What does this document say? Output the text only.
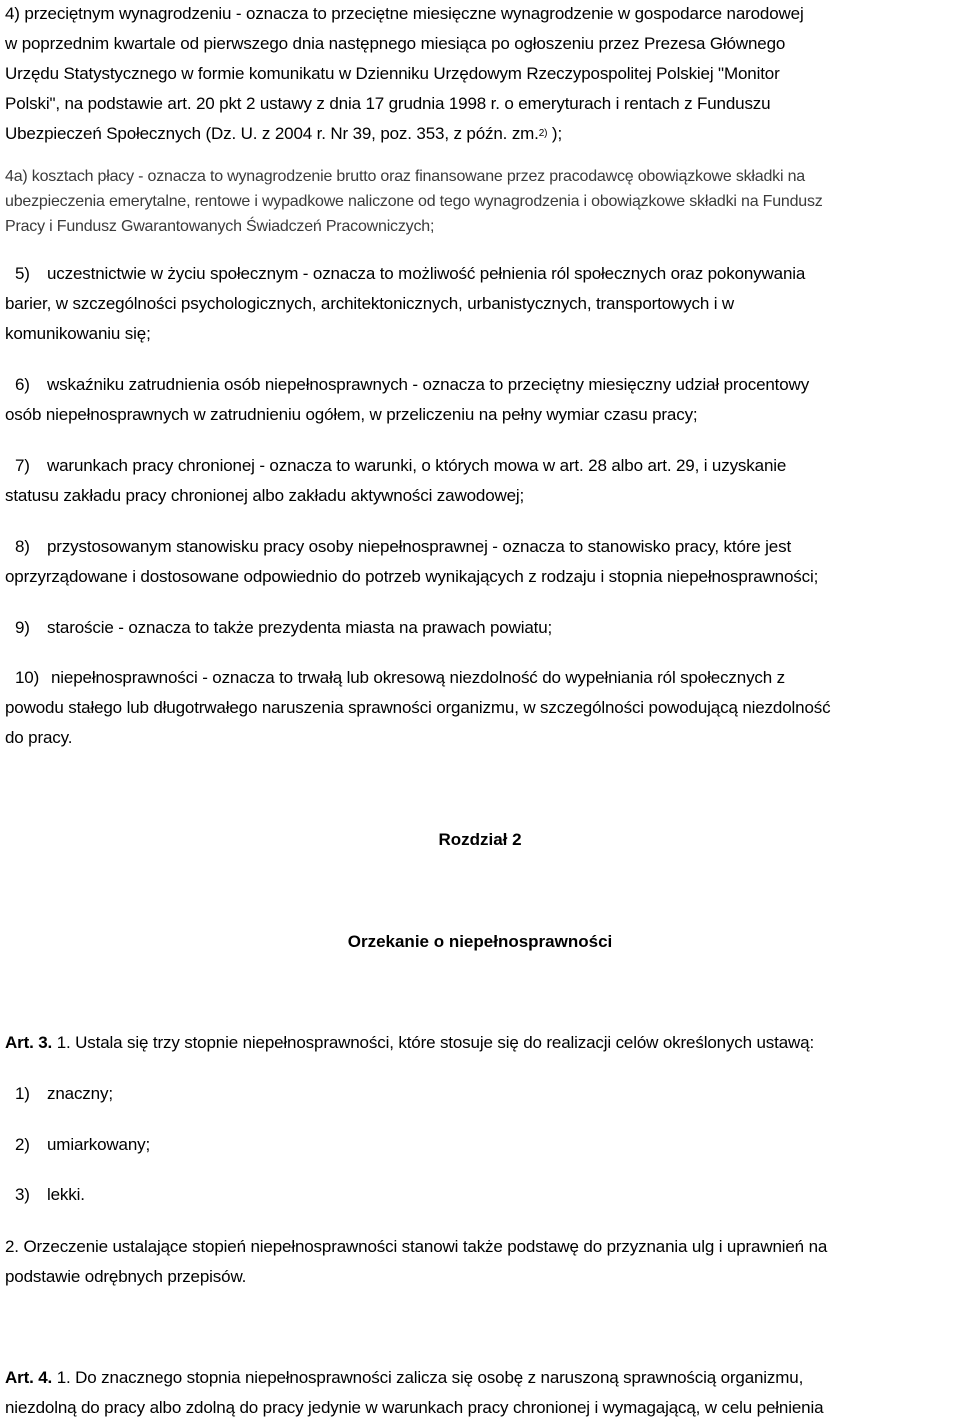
4) przeciętnym wynagrodzeniu - oznacza to przeciętne miesięczne wynagrodzenie w gospodarce narodowej
w poprzednim kwartale od pierwszego dnia następnego miesiąca po ogłoszeniu przez Prezesa Głównego
Urzędu Statystycznego w formie komunikatu w Dzienniku Urzędowym Rzeczypospolitej Polskiej "Monitor
Polski", na podstawie art. 20 pkt 2 ustawy z dnia 17 grudnia 1998 r. o emeryturach i rentach z Funduszu
Ubezpieczeń Społecznych (Dz. U. z 2004 r. Nr 39, poz. 353, z późn. zm.$^{2)}$ );
4a) kosztach płacy - oznacza to wynagrodzenie brutto oraz finansowane przez pracodawcę obowiązkowe składki na
ubezpieczenia emerytalne, rentowe i wypadkowe naliczone od tego wynagrodzenia i obowiązkowe składki na Fundusz
Pracy i Fundusz Gwarantowanych Świadczeń Pracowniczych;
5) uczestnictwie w życiu społecznym - oznacza to możliwość pełnienia ról społecznych oraz pokonywania
barier, w szczególności psychologicznych, architektonicznych, urbanistycznych, transportowych i w
komunikowaniu się;
6) wskaźniku zatrudnienia osób niepełnosprawnych - oznacza to przeciętny miesięczny udział procentowy
osób niepełnosprawnych w zatrudnieniu ogółem, w przeliczeniu na pełny wymiar czasu pracy;
7) warunkach pracy chronionej - oznacza to warunki, o których mowa w art. 28 albo art. 29, i uzyskanie
statusu zakładu pracy chronionej albo zakładu aktywności zawodowej;
8) przystosowanym stanowisku pracy osoby niepełnosprawnej - oznacza to stanowisko pracy, które jest
oprzyrządowane i dostosowane odpowiednio do potrzeb wynikających z rodzaju i stopnia niepełnosprawności;
9) staroście - oznacza to także prezydenta miasta na prawach powiatu;
10) niepełnosprawności - oznacza to trwałą lub okresową niezdolność do wypełniania ról społecznych z
powodu stałego lub długotrwałego naruszenia sprawności organizmu, w szczególności powodującą niezdolność
do pracy.
Rozdział 2
Orzekanie o niepełnosprawności
Art. 3. 1. Ustala się trzy stopnie niepełnosprawności, które stosuje się do realizacji celów określonych ustawą:
1) znaczny;
2) umiarkowany;
3) lekki.
2. Orzeczenie ustalające stopień niepełnosprawności stanowi także podstawę do przyznania ulg i uprawnień na
podstawie odrębnych przepisów.
Art. 4. 1. Do znacznego stopnia niepełnosprawności zalicza się osobę z naruszoną sprawnością organizmu,
niezdolną do pracy albo zdolną do pracy jedynie w warunkach pracy chronionej i wymagającą, w celu pełnienia
